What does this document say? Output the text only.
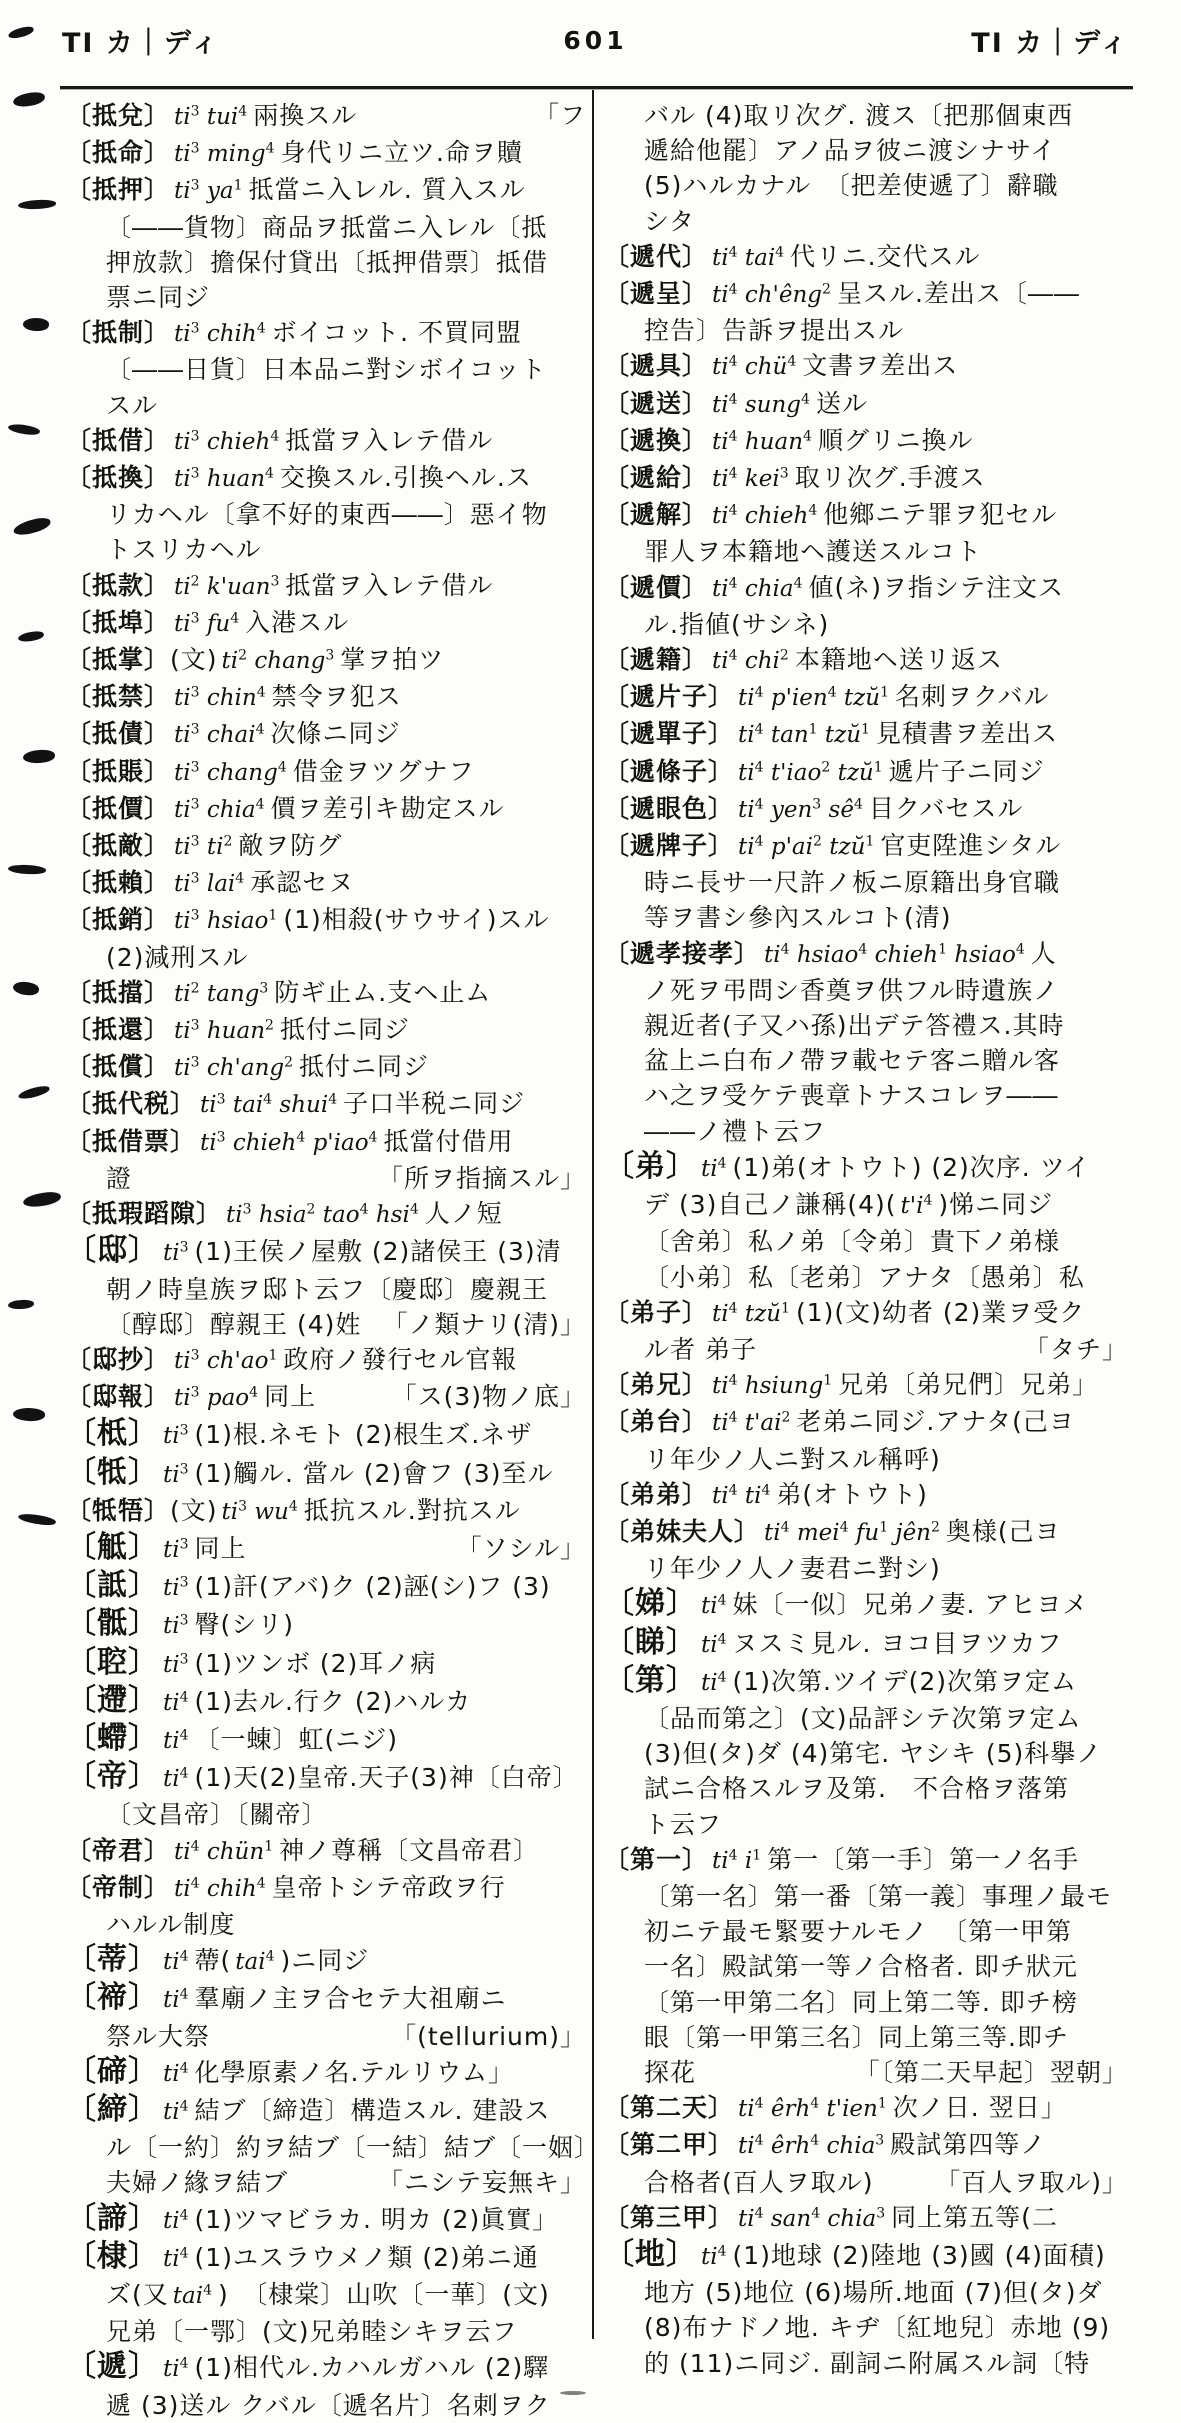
TI カ｜ディ	601	TI カ｜ディ
〔抵兌〕 $ti^3$ tui$^4$ 兩換スル	「フ
〔抵命〕 $ti^3$ ming$^4$ 身代リニ立ツ.命ヲ贖
〔抵押〕 $ti^3$ $ya^1$ 抵當ニ入レル. 質入スル
〔――貨物〕商品ヲ抵當ニ入レル〔抵
押放款〕擔保付貸出〔抵押借票〕抵借
票ニ同ジ
〔抵制〕 $ti^3$ chih$^4$ ボイコット. 不買同盟
〔――日貨〕日本品ニ對シボイコット
スル
〔抵借〕 $ti^3$ chieh$^4$ 抵當ヲ入レテ借ル
〔抵換〕 $ti^3$ huan$^4$ 交換スル.引換ヘル.ス
リカヘル〔拿不好的東西――〕惡イ物
トスリカヘル
〔抵款〕 $ti^2$ k'uan$^3$ 抵當ヲ入レテ借ル
〔抵埠〕 $ti^3$ $fu^4$ 入港スル
〔抵掌〕(文) $ti^2$ chang$^3$ 掌ヲ拍ツ
〔抵禁〕 $ti^3$ chin$^4$ 禁令ヲ犯ス
〔抵債〕 $ti^3$ chai$^4$ 次條ニ同ジ
〔抵賬〕 $ti^3$ chang$^4$ 借金ヲツグナフ
〔抵價〕 $ti^3$ chia$^4$ 價ヲ差引キ勘定スル
〔抵敵〕 $ti^3$ $ti^2$ 敵ヲ防グ
〔抵賴〕 $ti^3$ lai$^4$ 承認セヌ
〔抵銷〕 $ti^3$ hsiao$^1$ (1)相殺(サウサイ)スル
(2)減刑スル
〔抵擋〕 $ti^2$ tang$^3$ 防ギ止ム.支ヘ止ム
〔抵還〕 $ti^3$ huan$^2$ 抵付ニ同ジ
〔抵償〕 $ti^3$ ch'ang$^2$ 抵付ニ同ジ
〔抵代税〕 $ti^3$ tai$^4$ shui$^4$ 子口半税ニ同ジ
〔抵借票〕 $ti^3$ chieh$^4$ p'iao$^4$ 抵當付借用
證	「所ヲ指摘スル」
〔抵瑕蹈隙〕 $ti^3$ hsia$^2$ tao$^4$ hsi$^4$ 人ノ短
〔邸〕 $ti^3$ (1)王侯ノ屋敷 (2)諸侯王 (3)清
朝ノ時皇族ヲ邸ト云フ〔慶邸〕慶親王
〔醇邸〕醇親王 (4)姓 「ノ類ナリ(清)」
〔邸抄〕 $ti^3$ $ch'ao^1$ 政府ノ發行セル官報
〔邸報〕 $ti^3$ pao$^4$ 同上	「ス(3)物ノ底」
〔柢〕 $ti^3$ (1)根.ネモト (2)根生ズ.ネザ
〔牴〕 $ti^3$ (1)觸ル. 當ル (2)會フ (3)至ル
〔牴牾〕(文) $ti^3$ $wu^4$ 抵抗スル.對抗スル
〔觝〕 $ti^3$ 同上	「ソシル」
〔詆〕 $ti^3$ (1)訐(アバ)ク (2)誣(シ)フ (3)
〔骶〕 $ti^3$ 臀(シリ)
〔聜〕 $ti^3$ (1)ツンボ (2)耳ノ病
〔遰〕 $ti^4$ (1)去ル.行ク (2)ハルカ
〔螮〕 $ti^4$ 〔一蝀〕虹(ニジ)
〔帝〕 $ti^4$ (1)天(2)皇帝.天子(3)神〔白帝〕
〔文昌帝〕〔關帝〕
〔帝君〕 $ti^4$ chün$^1$ 神ノ尊稱〔文昌帝君〕
〔帝制〕 $ti^4$ chih$^4$ 皇帝トシテ帝政ヲ行
ハルル制度
〔蒂〕 $ti^4$ 蔕( tai$^4$ )ニ同ジ
〔禘〕 $ti^4$ 羣廟ノ主ヲ合セテ大祖廟ニ
祭ル大祭	「(tellurium)」
〔碲〕 $ti^4$ 化學原素ノ名.テルリウム」
〔締〕 $ti^4$ 結ブ〔締造〕構造スル. 建設ス
ル〔一約〕約ヲ結ブ〔一結〕結ブ〔一姻〕
夫婦ノ緣ヲ結ブ	「ニシテ妄無キ」
〔諦〕 $ti^4$ (1)ツマビラカ. 明カ (2)眞實」
〔棣〕 $ti^4$ (1)ユスラウメノ類 (2)弟ニ通
ズ(又 tai$^4$ )　〔棣棠〕山吹〔一華〕(文)
兄弟〔一鄂〕(文)兄弟睦シキヲ云フ
〔遞〕 $ti^4$ (1)相代ル.カハルガハル (2)驛
遞 (3)送ル クバル〔遞名片〕名刺ヲク
バル (4)取リ次グ. 渡ス〔把那個東西
遞給他罷〕アノ品ヲ彼ニ渡シナサイ
(5)ハルカナル　〔把差使遞了〕辭職
シタ
〔遞代〕 $ti^4$ tai$^4$ 代リニ.交代スル
〔遞呈〕 $ti^4$ ch'êng$^2$ 呈スル.差出ス〔――
控告〕告訴ヲ提出スル
〔遞具〕 $ti^4$ chü$^4$ 文書ヲ差出ス
〔遞送〕 $ti^4$ sung$^4$ 送ル
〔遞換〕 $ti^4$ huan$^4$ 順グリニ換ル
〔遞給〕 $ti^4$ kei$^3$ 取リ次グ.手渡ス
〔遞解〕 $ti^4$ chieh$^4$ 他鄉ニテ罪ヲ犯セル
罪人ヲ本籍地ヘ護送スルコト
〔遞價〕 $ti^4$ chia$^4$ 値(ネ)ヲ指シテ注文ス
ル.指値(サシネ)
〔遞籍〕 $ti^4$ chi$^2$ 本籍地ヘ送リ返ス
〔遞片子〕 $ti^4$ p'ien$^4$ tzŭ$^1$ 名刺ヲクバル
〔遞單子〕 $ti^4$ $\tan^1$ tzŭ$^1$ 見積書ヲ差出ス
〔遞條子〕 $ti^4$ t'iao$^2$ tzŭ$^1$ 遞片子ニ同ジ
〔遞眼色〕 $ti^4$ yen$^3$ $sê^4$ 目クバセスル
〔遞牌子〕 $ti^4$ $p'ai^2$ tzŭ$^1$ 官吏陞進シタル
時ニ長サ一尺許ノ板ニ原籍出身官職
等ヲ書シ參內スルコト(清)
〔遞孝接孝〕 $ti^4$ hsiao$^4$ chieh$^1$ hsiao$^4$ 人
ノ死ヲ弔問シ香奠ヲ供フル時遺族ノ
親近者(子又ハ孫)出デテ答禮ス.其時
盆上ニ白布ノ帶ヲ載セテ客ニ贈ル客
ハ之ヲ受ケテ喪章トナスコレヲ――
――ノ禮ト云フ
〔弟〕 $ti^4$ (1)弟(オトウト) (2)次序. ツイ
デ (3)自己ノ謙稱(4)( $t'i^4$ )悌ニ同ジ
〔舍弟〕私ノ弟〔令弟〕貴下ノ弟様
〔小弟〕私〔老弟〕アナタ〔愚弟〕私
〔弟子〕 $ti^4$ tzŭ$^1$ (1)(文)幼者 (2)業ヲ受ク
ル者 弟子	「タチ」
〔弟兄〕 $ti^4$ hsiung$^1$ 兄弟〔弟兄們〕兄弟」
〔弟台〕 $ti^4$ $t'ai^2$ 老弟ニ同ジ.アナタ(己ヨ
リ年少ノ人ニ對スル稱呼)
〔弟弟〕 $ti^4$ $ti^4$ 弟(オトウト)
〔弟妹夫人〕 $ti^4$ mei$^4$ $fu^1$ jên$^2$ 奥様(己ヨ
リ年少ノ人ノ妻君ニ對シ)
〔娣〕 $ti^4$ 妹〔一似〕兄弟ノ妻. アヒヨメ
〔睇〕 $ti^4$ ヌスミ見ル. ヨコ目ヲツカフ
〔第〕 $ti^4$ (1)次第.ツイデ(2)次第ヲ定ム
〔品而第之〕(文)品評シテ次第ヲ定ム
(3)但(タ)ダ (4)第宅. ヤシキ (5)科擧ノ
試ニ合格スルヲ及第.　不合格ヲ落第
ト云フ
〔第一〕 $ti^4$ $i^1$ 第一〔第一手〕第一ノ名手
〔第一名〕第一番〔第一義〕事理ノ最モ
初ニテ最モ緊要ナルモノ　〔第一甲第
一名〕殿試第一等ノ合格者. 即チ狀元
〔第一甲第二名〕同上第二等. 即チ榜
眼〔第一甲第三名〕同上第三等.即チ
探花	「〔第二天早起〕翌朝」
〔第二天〕 $ti^4$ êrh$^4$ t'ien$^1$ 次ノ日. 翌日」
〔第二甲〕 $ti^4$ êrh$^4$ chia$^3$ 殿試第四等ノ
合格者(百人ヲ取ル)	「百人ヲ取ル)」
〔第三甲〕 $ti^4$ san$^4$ chia$^3$ 同上第五等(二
〔地〕 $ti^4$ (1)地球 (2)陸地 (3)國 (4)面積)
地方 (5)地位 (6)場所.地面 (7)但(タ)ダ
(8)布ナドノ地. キヂ〔紅地兒〕赤地 (9)
的 (11)ニ同ジ. 副詞ニ附属スル詞〔特
